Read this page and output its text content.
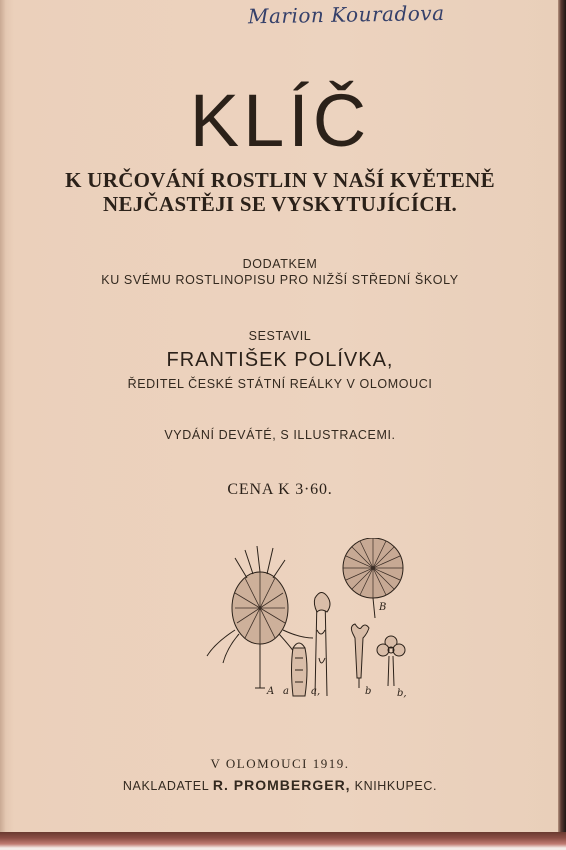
Marion Kouradova
KLÍČ
K URČOVÁNÍ ROSTLIN V NAŠÍ KVĚTENĚ
NEJČASTĚJI SE VYSKYTUJÍCÍCH.
DODATKEM
KU SVÉMU ROSTLINOPISU PRO NIŽŠÍ STŘEDNÍ ŠKOLY
SESTAVIL
FRANTIŠEK POLÍVKA,
ŘEDITEL ČESKÉ STÁTNÍ REÁLKY V OLOMOUCI
VYDÁNÍ DEVÁTÉ, S ILLUSTRACEMI.
CENA K 3·60.
A a a,
B
b	b,
V OLOMOUCI 1919.
NAKLADATEL R. PROMBERGER, KNIHKUPEC.
